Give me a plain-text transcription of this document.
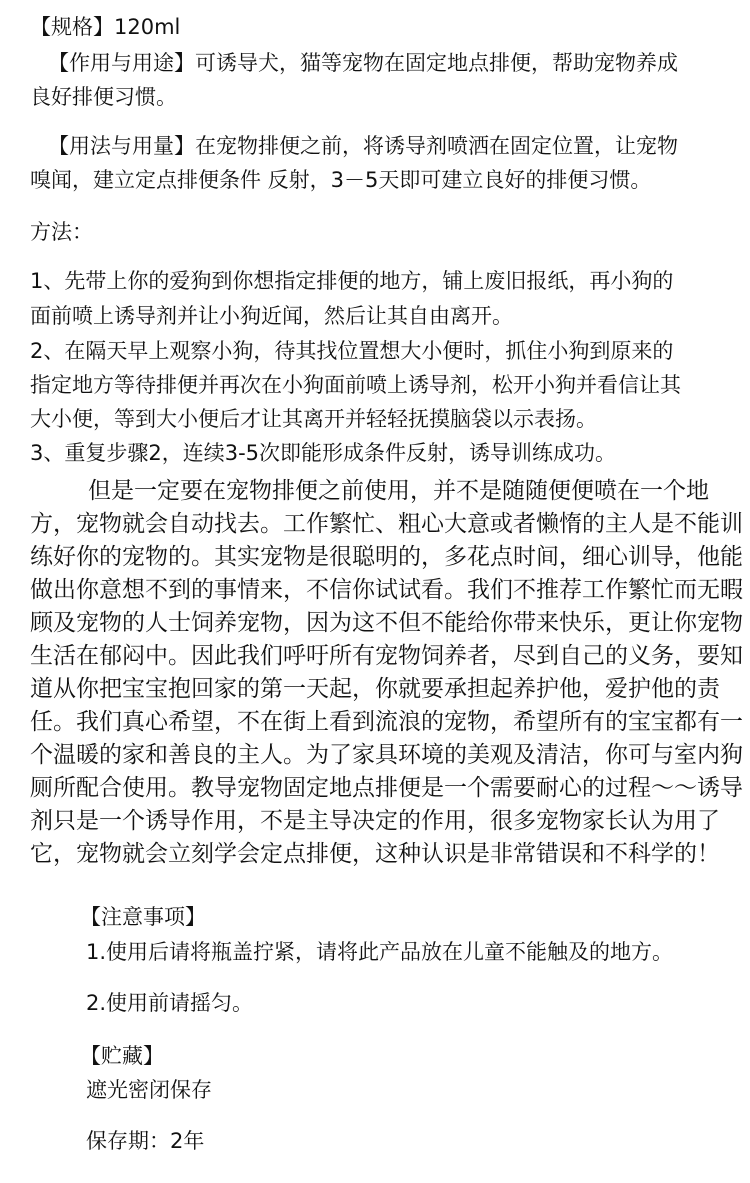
【规格】120ml
【作用与用途】可诱导犬，猫等宠物在固定地点排便，帮助宠物养成
良好排便习惯。
【用法与用量】在宠物排便之前，将诱导剂喷洒在固定位置，让宠物
嗅闻，建立定点排便条件 反射，3－5天即可建立良好的排便习惯。
方法：
1、先带上你的爱狗到你想指定排便的地方，铺上废旧报纸，再小狗的
面前喷上诱导剂并让小狗近闻，然后让其自由离开。
2、在隔天早上观察小狗，待其找位置想大小便时，抓住小狗到原来的
指定地方等待排便并再次在小狗面前喷上诱导剂，松开小狗并看信让其
大小便，等到大小便后才让其离开并轻轻抚摸脑袋以示表扬。
3、重复步骤2，连续3-5次即能形成条件反射，诱导训练成功。
但是一定要在宠物排便之前使用，并不是随随便便喷在一个地
方，宠物就会自动找去。工作繁忙、粗心大意或者懒惰的主人是不能训
练好你的宠物的。其实宠物是很聪明的，多花点时间，细心训导，他能
做出你意想不到的事情来，不信你试试看。我们不推荐工作繁忙而无暇
顾及宠物的人士饲养宠物，因为这不但不能给你带来快乐，更让你宠物
生活在郁闷中。因此我们呼吁所有宠物饲养者，尽到自己的义务，要知
道从你把宝宝抱回家的第一天起，你就要承担起养护他，爱护他的责
任。我们真心希望，不在街上看到流浪的宠物，希望所有的宝宝都有一
个温暖的家和善良的主人。为了家具环境的美观及清洁，你可与室内狗
厕所配合使用。教导宠物固定地点排便是一个需要耐心的过程～～诱导
剂只是一个诱导作用，不是主导决定的作用，很多宠物家长认为用了
它，宠物就会立刻学会定点排便，这种认识是非常错误和不科学的！
【注意事项】
1.使用后请将瓶盖拧紧，请将此产品放在儿童不能触及的地方。
2.使用前请摇匀。
【贮藏】
遮光密闭保存
保存期：2年
